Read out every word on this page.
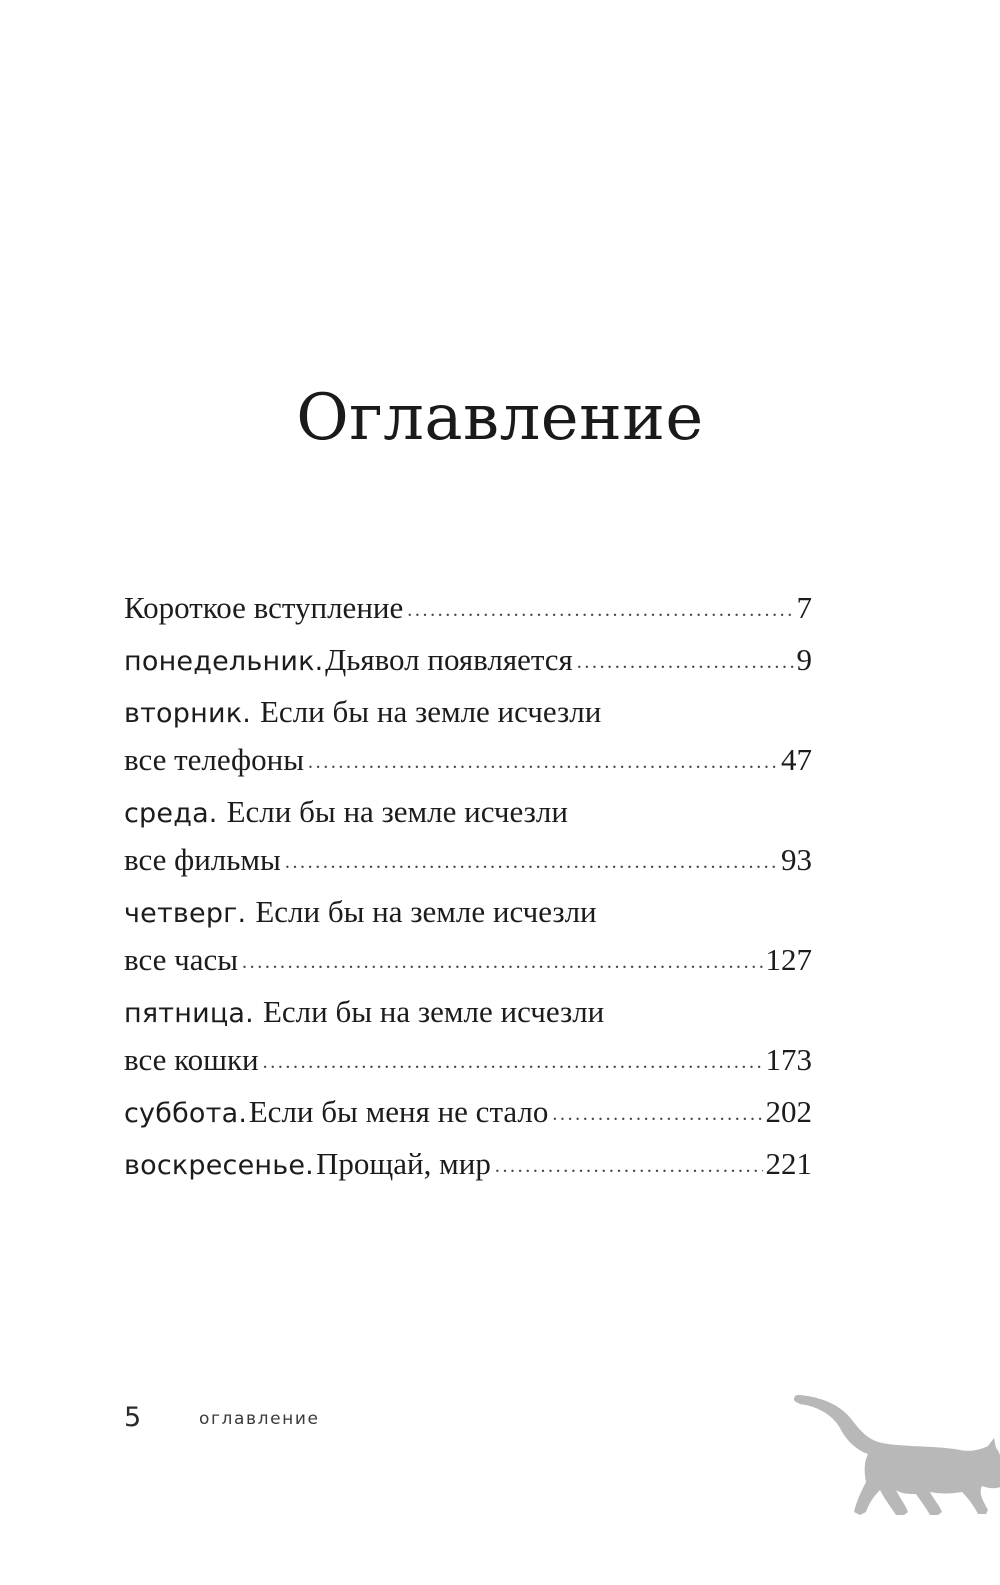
Оглавление
Короткое вступление .....	7
понедельник. Дьявол появляется .....	9
вторник. Если бы на земле исчезли
все телефоны .....	47
среда. Если бы на земле исчезли
все фильмы .....	93
четверг. Если бы на земле исчезли
все часы .....	127
пятница. Если бы на земле исчезли
все кошки .....	173
суббота. Если бы меня не стало .....	202
воскресенье. Прощай, мир .....	221
5	оглавление
